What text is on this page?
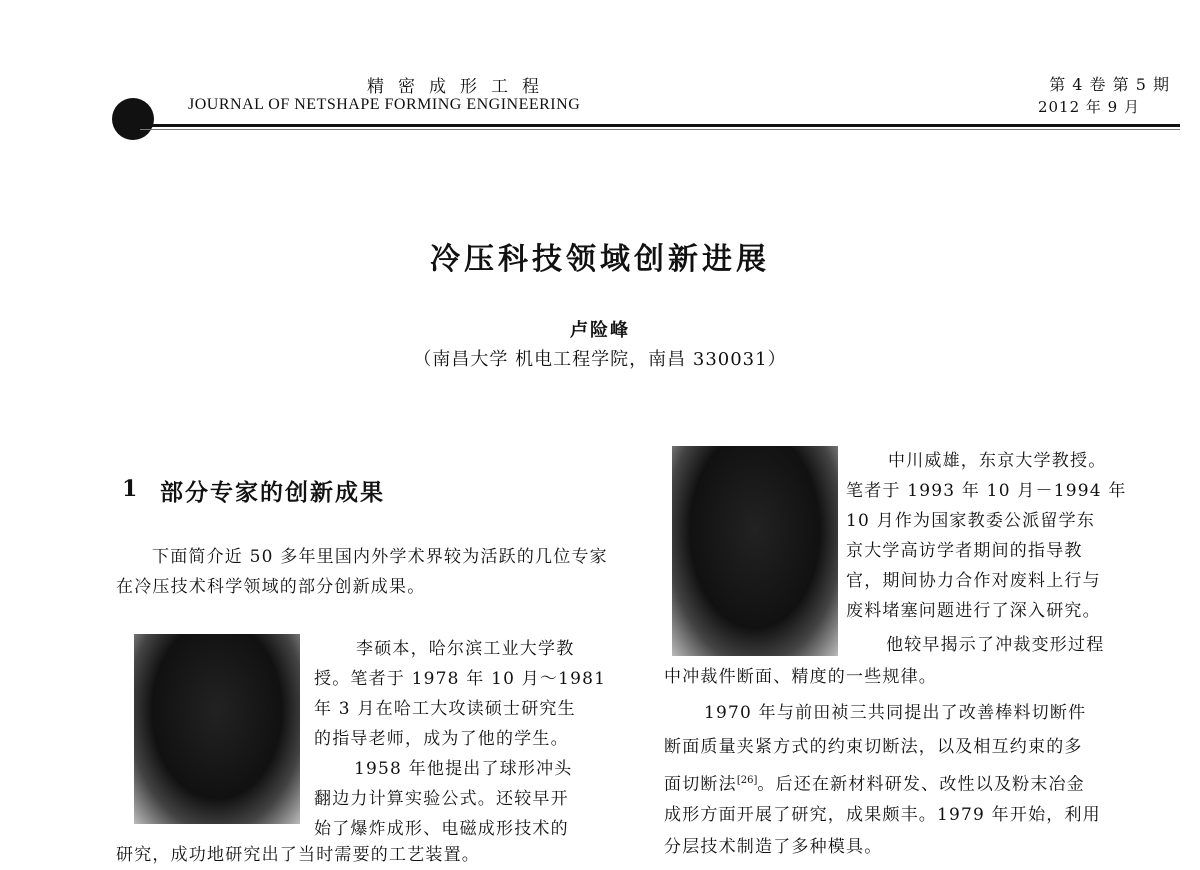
精密成形工程
JOURNAL OF NETSHAPE FORMING ENGINEERING
第 4 卷 第 5 期
2012 年 9 月
冷压科技领域创新进展
卢险峰
（南昌大学 机电工程学院，南昌 330031）
1 部分专家的创新成果
下面简介近 50 多年里国内外学术界较为活跃的几位专家在冷压技术科学领域的部分创新成果。
李硕本，哈尔滨工业大学教
授。笔者于 1978 年 10 月～1981
年 3 月在哈工大攻读硕士研究生
的指导老师，成为了他的学生。
1958 年他提出了球形冲头
翻边力计算实验公式。还较早开
始了爆炸成形、电磁成形技术的
研究，成功地研究出了当时需要的工艺装置。
中川威雄，东京大学教授。
笔者于 1993 年 10 月－1994 年
10 月作为国家教委公派留学东
京大学高访学者期间的指导教
官，期间协力合作对废料上行与
废料堵塞问题进行了深入研究。
他较早揭示了冲裁变形过程
中冲裁件断面、精度的一些规律。
1970 年与前田祯三共同提出了改善棒料切断件
断面质量夹紧方式的约束切断法，以及相互约束的多
面切断法[26]。后还在新材料研发、改性以及粉末冶金
成形方面开展了研究，成果颇丰。1979 年开始，利用
分层技术制造了多种模具。
